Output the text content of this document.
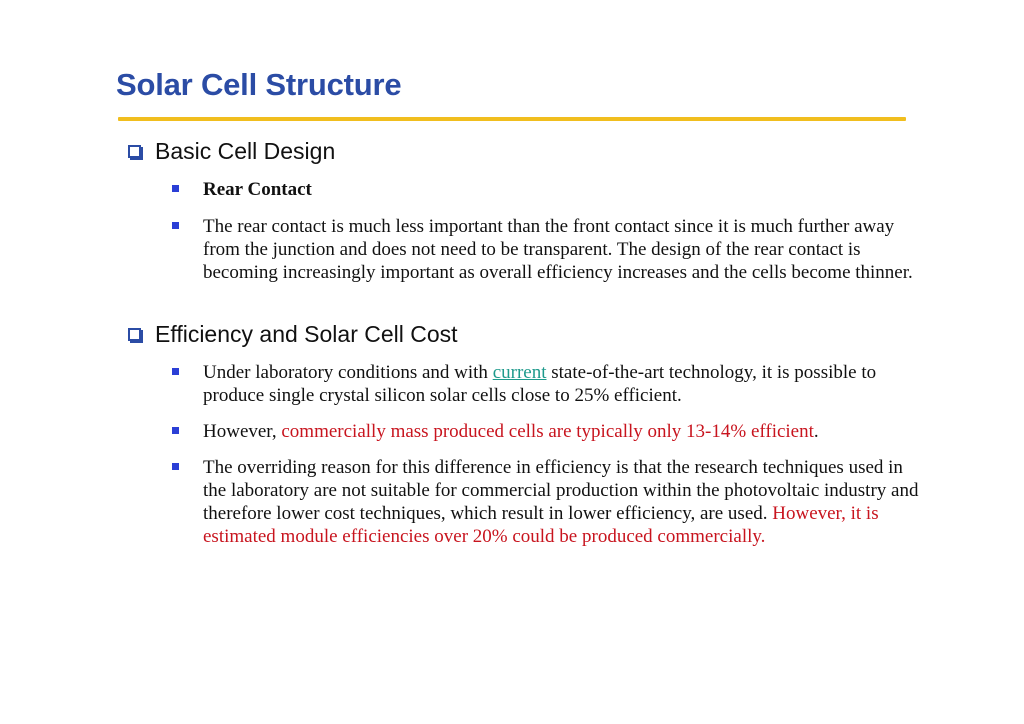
Solar Cell Structure
Basic Cell Design
Rear Contact
The rear contact is much less important than the front contact since it is much further away from the junction and does not need to be transparent. The design of the rear contact is becoming increasingly important as overall efficiency increases and the cells become thinner.
Efficiency and Solar Cell Cost
Under laboratory conditions and with current state-of-the-art technology, it is possible to produce single crystal silicon solar cells close to 25% efficient.
However, commercially mass produced cells are typically only 13-14% efficient.
The overriding reason for this difference in efficiency is that the research techniques used in the laboratory are not suitable for commercial production within the photovoltaic industry and therefore lower cost techniques, which result in lower efficiency, are used. However, it is estimated module efficiencies over 20% could be produced commercially.
